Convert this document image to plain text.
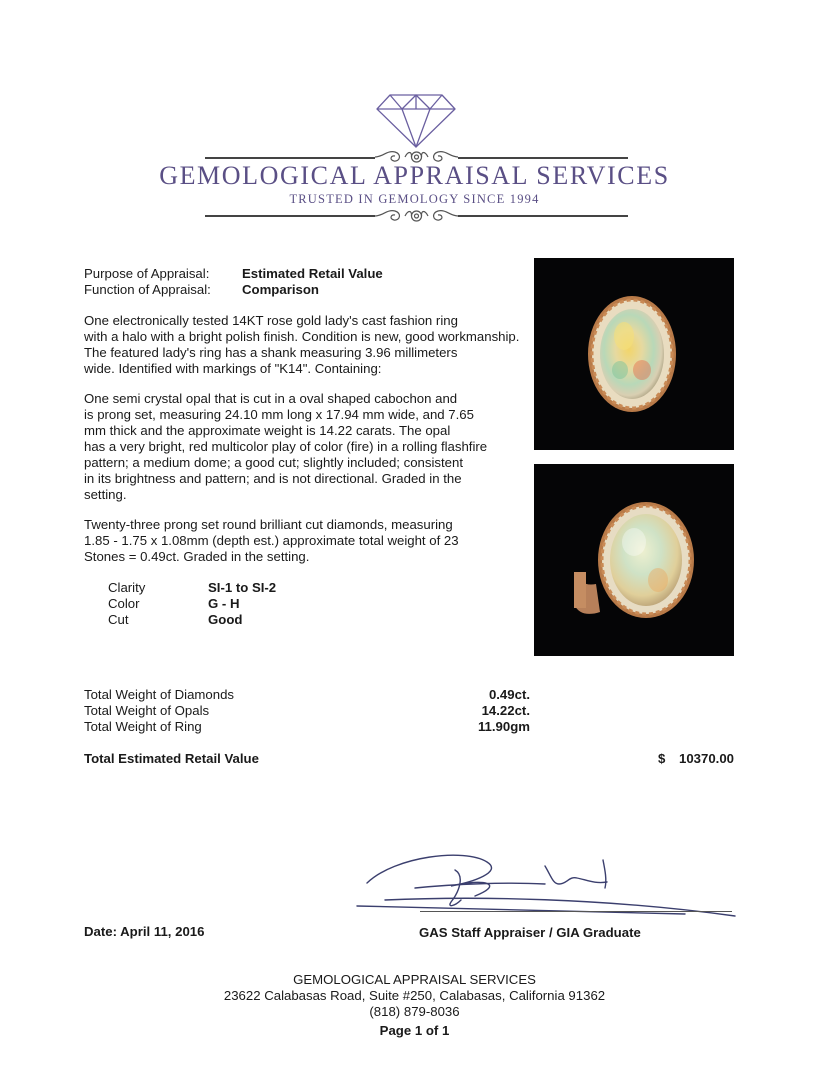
GEMOLOGICAL APPRAISAL SERVICES
TRUSTED IN GEMOLOGY SINCE 1994
Purpose of Appraisal: Estimated Retail Value
Function of Appraisal: Comparison
One electronically tested 14KT rose gold lady's cast fashion ring
with a halo with a bright polish finish. Condition is new, good workmanship.
The featured lady's ring has a shank measuring 3.96 millimeters
wide. Identified with markings of "K14". Containing:
One semi crystal opal that is cut in a oval shaped cabochon and
is prong set, measuring 24.10 mm long x 17.94 mm wide, and 7.65
mm thick and the approximate weight is 14.22 carats. The opal
has a very bright, red multicolor play of color (fire) in a rolling flashfire
pattern; a medium dome; a good cut; slightly included; consistent
in its brightness and pattern; and is not directional. Graded in the
setting.
Twenty-three prong set round brilliant cut diamonds, measuring
1.85 - 1.75 x 1.08mm (depth est.) approximate total weight of 23
Stones = 0.49ct. Graded in the setting.
Clarity	SI-1 to SI-2
Color	G - H
Cut	Good
Total Weight of Diamonds	0.49ct.
Total Weight of Opals	14.22ct.
Total Weight of Ring	11.90gm
Total Estimated Retail Value	$	10370.00
Date: April 11, 2016	GAS Staff Appraiser / GIA Graduate
GEMOLOGICAL APPRAISAL SERVICES
23622 Calabasas Road, Suite #250, Calabasas, California 91362
(818) 879-8036
Page 1 of 1
